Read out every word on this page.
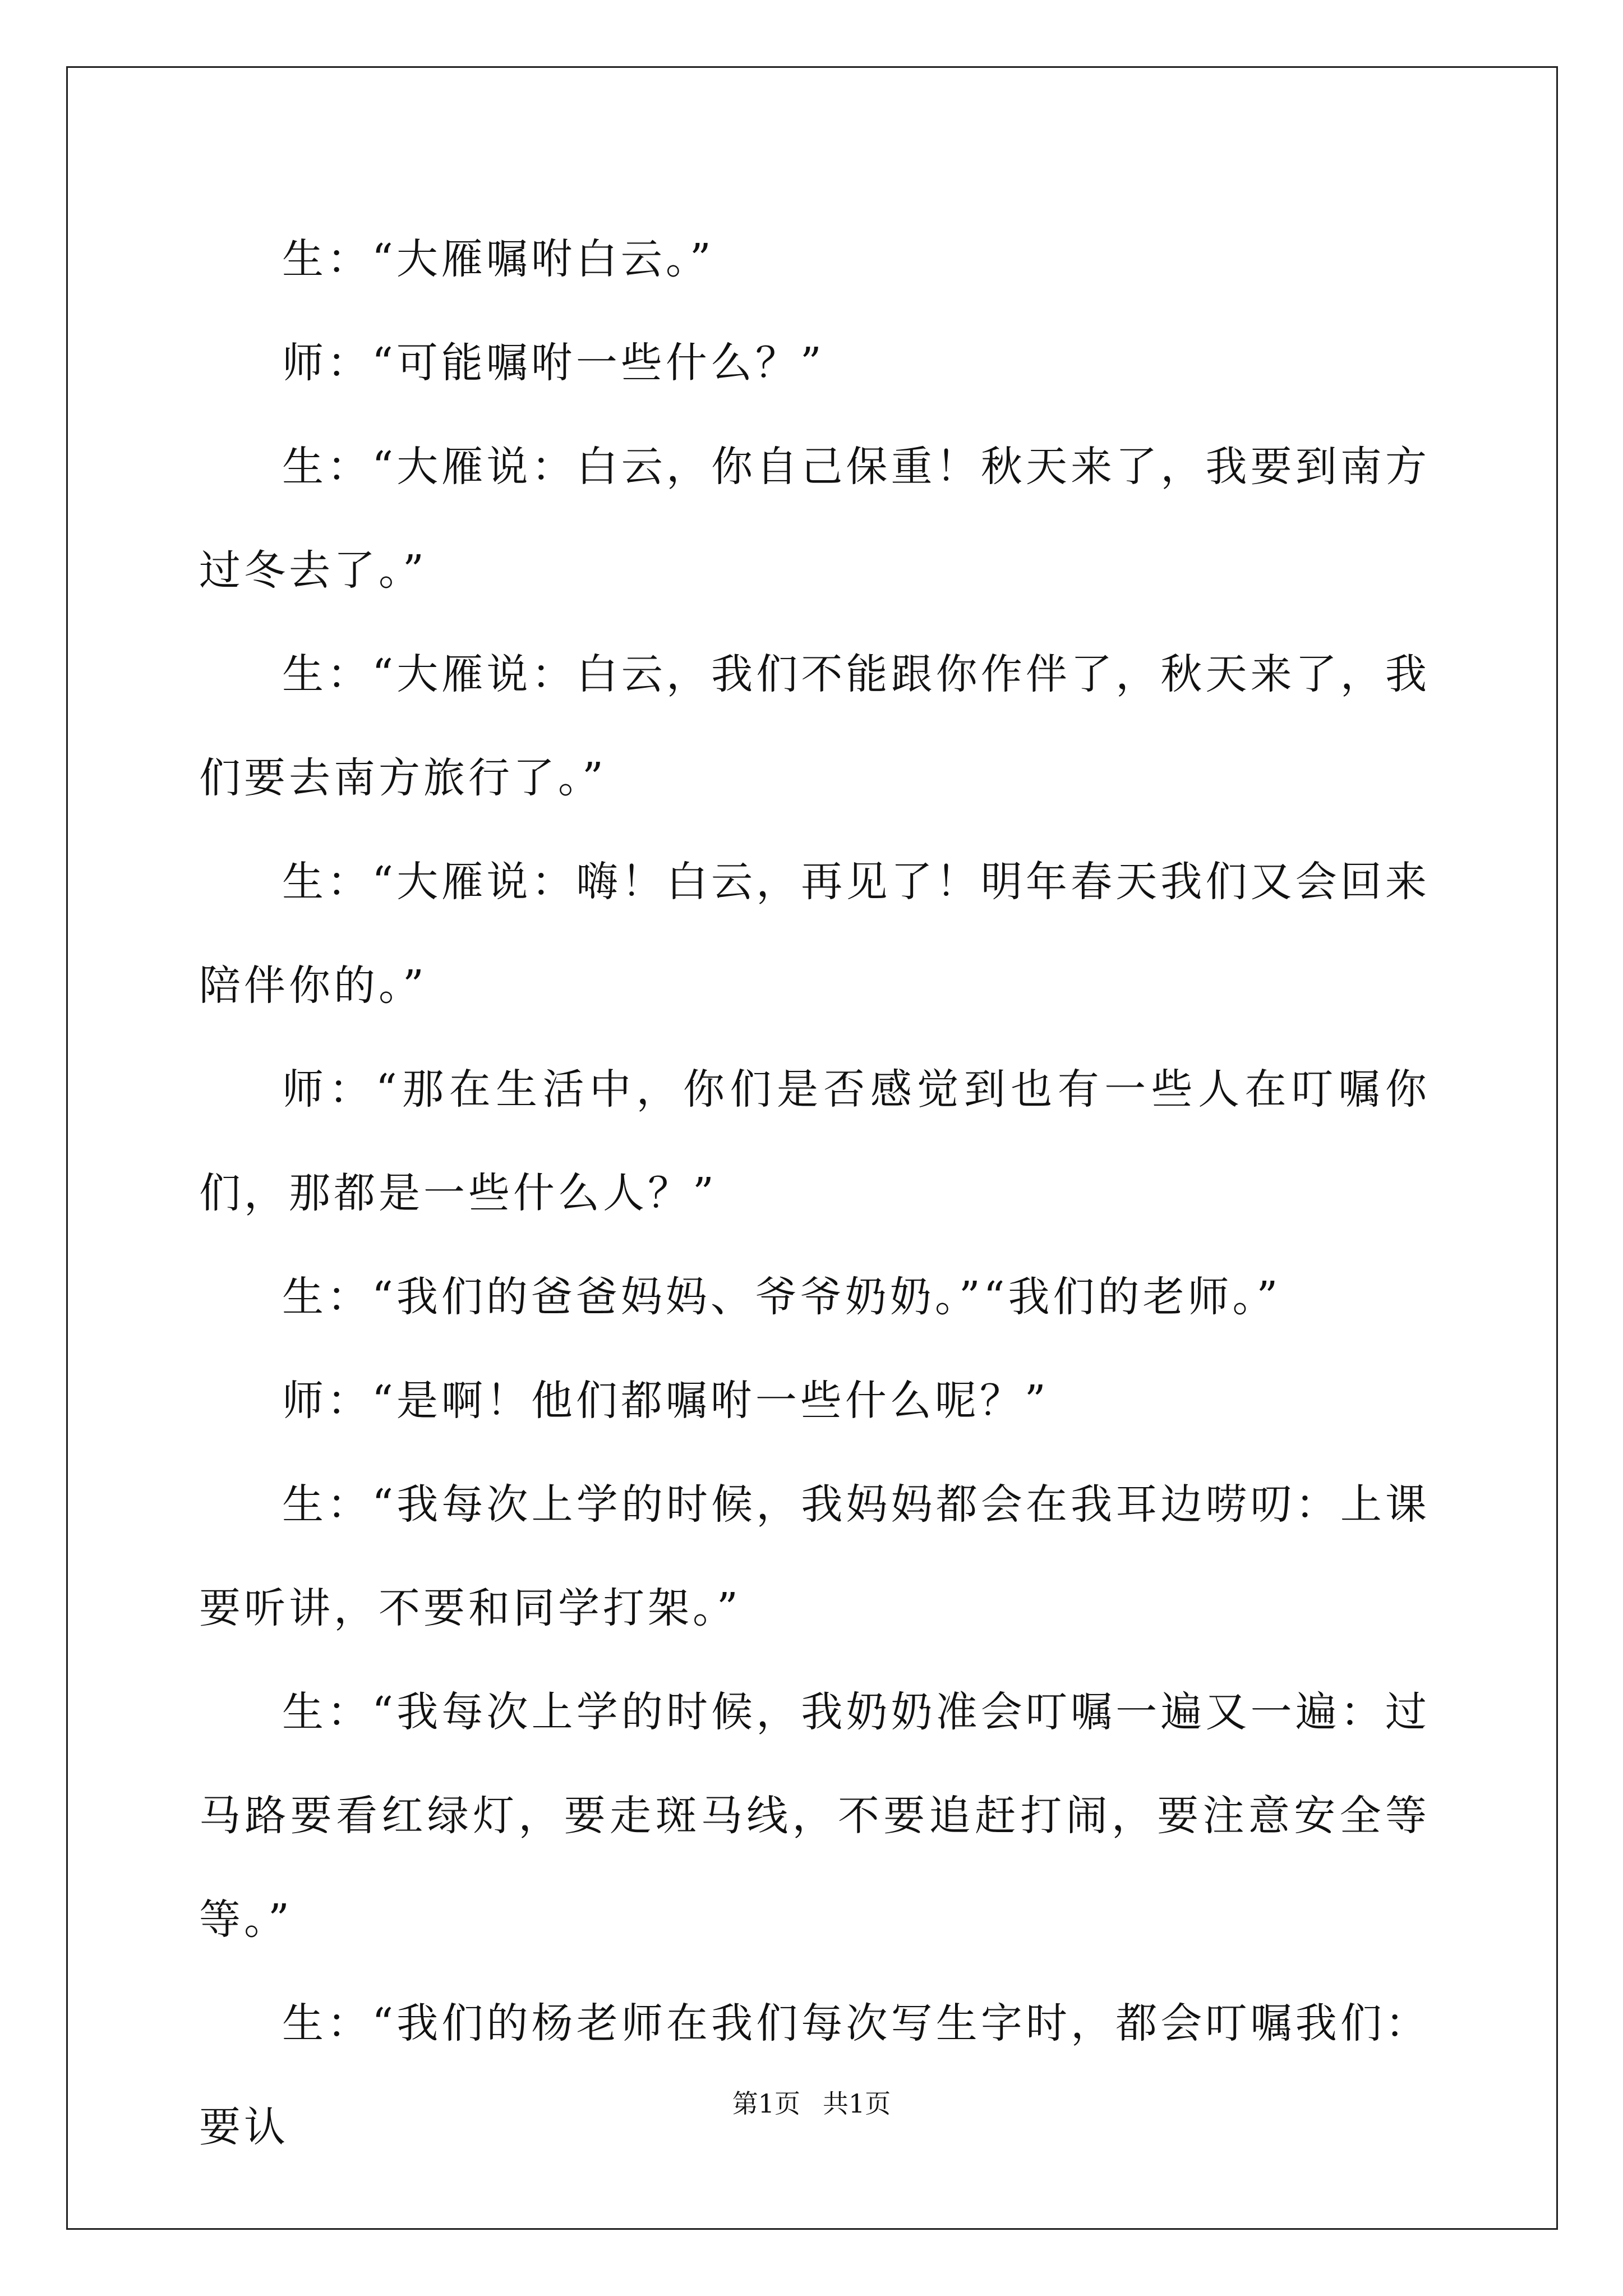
生：“大雁嘱咐白云。”

师：“可能嘱咐一些什么？”

生：“大雁说：白云，你自己保重！秋天来了，我要到南方过冬去了。”

生：“大雁说：白云，我们不能跟你作伴了，秋天来了，我们要去南方旅行了。”

生：“大雁说：嗨！白云，再见了！明年春天我们又会回来陪伴你的。”

师：“那在生活中，你们是否感觉到也有一些人在叮嘱你们，那都是一些什么人？”

生：“我们的爸爸妈妈、爷爷奶奶。”“我们的老师。”

师：“是啊！他们都嘱咐一些什么呢？”

生：“我每次上学的时候，我妈妈都会在我耳边唠叨：上课要听讲，不要和同学打架。”

生：“我每次上学的时候，我奶奶准会叮嘱一遍又一遍：过马路要看红绿灯，要走斑马线，不要追赶打闹，要注意安全等等。”

生：“我们的杨老师在我们每次写生字时，都会叮嘱我们：要认	第1页 共1页
